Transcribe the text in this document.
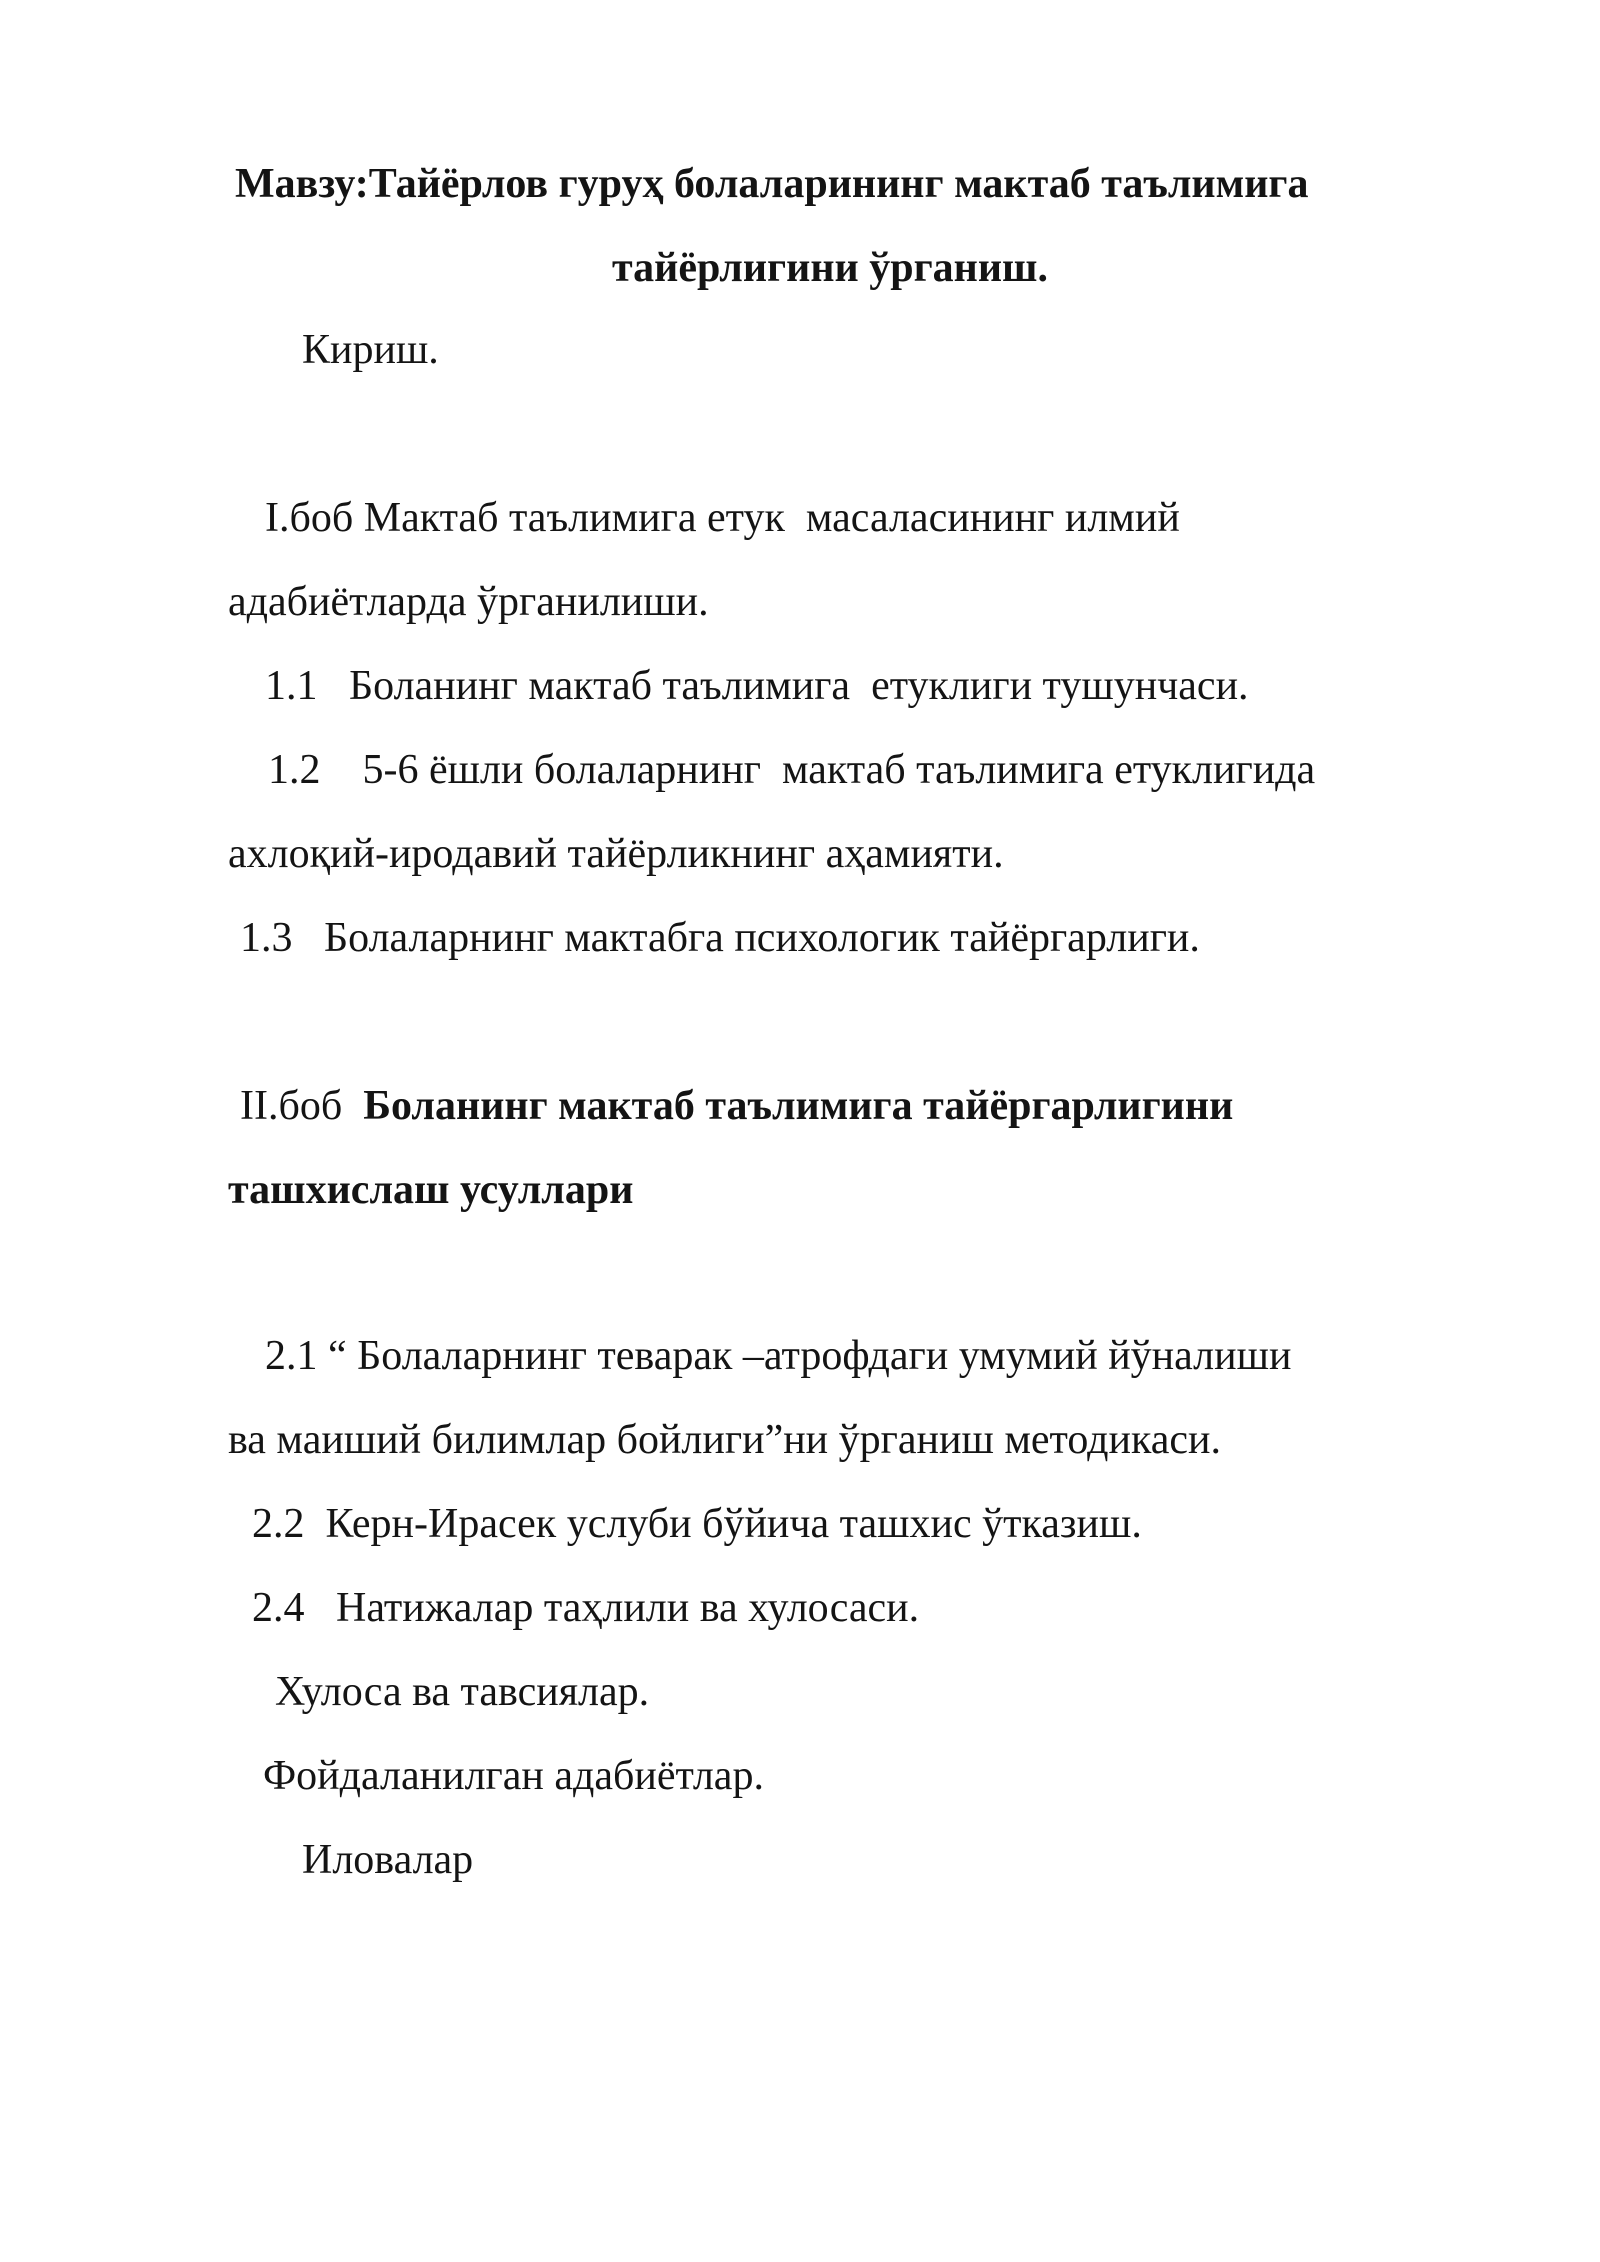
Мавзу:Тайёрлов гуруҳ болаларининг мактаб таълимига

тайёрлигини ўрганиш.

Кириш.

I.боб Мактаб таълимига етук  масаласининг илмий

адабиётларда ўрганилиши.

1.1   Боланинг мактаб таълимига  етуклиги тушунчаси.

1.2    5-6 ёшли болаларнинг  мактаб таълимига етуклигида

ахлоқий-иродавий тайёрликнинг аҳамияти.

1.3   Болаларнинг мактабга психологик тайёргарлиги.

II.боб  Боланинг мактаб таълимига тайёргарлигини

ташхислаш усуллари

2.1 “ Болаларнинг теварак –атрофдаги умумий йўналиши

ва маиший билимлар бойлиги”ни ўрганиш методикаси.

2.2  Керн-Ирасек услуби бўйича ташхис ўтказиш.

2.4   Натижалар таҳлили ва хулосаси.

Хулоса ва тавсиялар.

Фойдаланилган адабиётлар.

Иловалар
